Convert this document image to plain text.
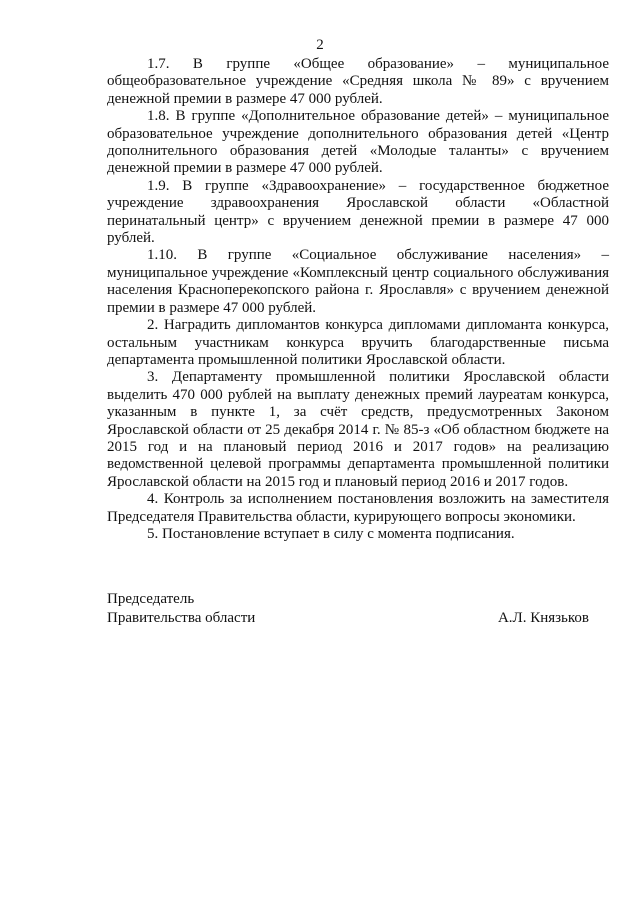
2

1.7. В группе «Общее образование» – муниципальное общеобразовательное учреждение «Средняя школа № 89» с вручением денежной премии в размере 47 000 рублей.

1.8. В группе «Дополнительное образование детей» – муниципальное образовательное учреждение дополнительного образования детей «Центр дополнительного образования детей «Молодые таланты» с вручением денежной премии в размере 47 000 рублей.

1.9. В группе «Здравоохранение» – государственное бюджетное учреждение здравоохранения Ярославской области «Областной перинатальный центр» с вручением денежной премии в размере 47 000 рублей.

1.10. В группе «Социальное обслуживание населения» – муниципальное учреждение «Комплексный центр социального обслуживания населения Красноперекопского района г. Ярославля» с вручением денежной премии в размере 47 000 рублей.

2. Наградить дипломантов конкурса дипломами дипломанта конкурса, остальным участникам конкурса вручить благодарственные письма департамента промышленной политики Ярославской области.

3. Департаменту промышленной политики Ярославской области выделить 470 000 рублей на выплату денежных премий лауреатам конкурса, указанным в пункте 1, за счёт средств, предусмотренных Законом Ярославской области от 25 декабря 2014 г. № 85-з «Об областном бюджете на 2015 год и на плановый период 2016 и 2017 годов» на реализацию ведомственной целевой программы департамента промышленной политики Ярославской области на 2015 год и плановый период 2016 и 2017 годов.

4. Контроль за исполнением постановления возложить на заместителя Председателя Правительства области, курирующего вопросы экономики.

5. Постановление вступает в силу с момента подписания.

Председатель
Правительства области	А.Л. Князьков
